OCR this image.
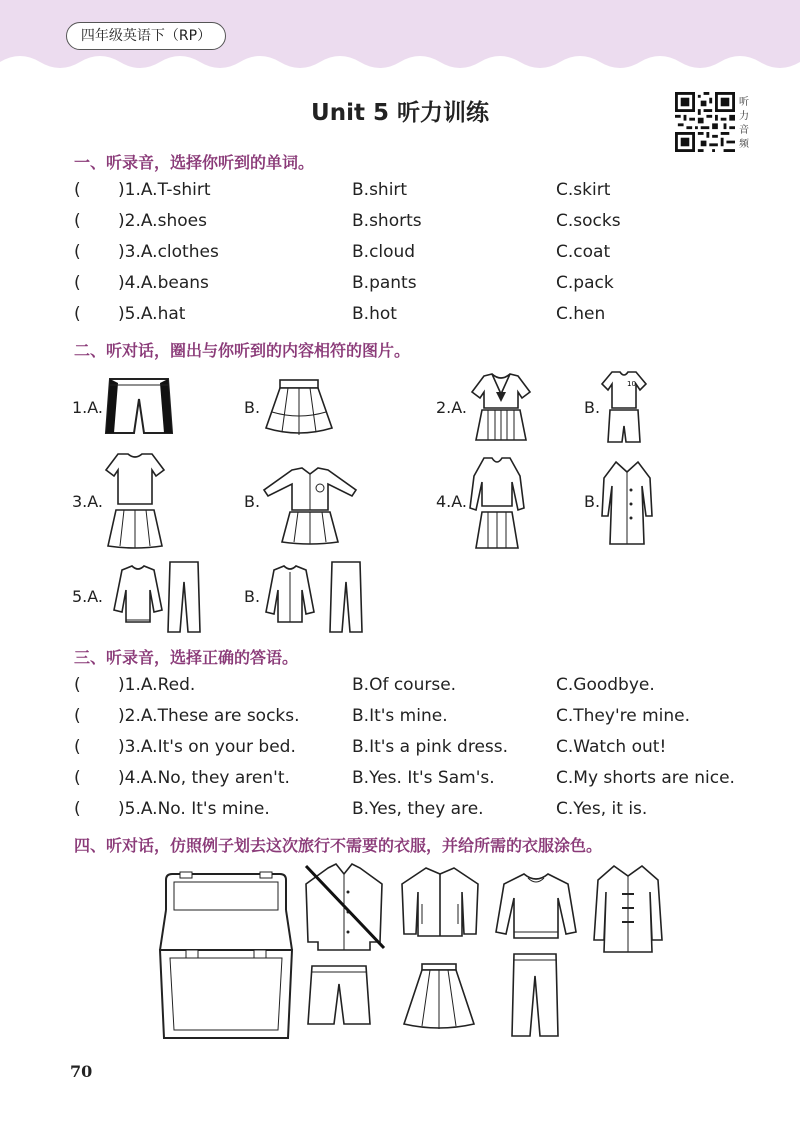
四年级英语下（RP）
Unit 5 听力训练	听力音频
一、听录音，选择你听到的单词。
( )1.A.T-shirt	B.shirt	C.skirt
( )2.A.shoes	B.shorts	C.socks
( )3.A.clothes	B.cloud	C.coat
( )4.A.beans	B.pants	C.pack
( )5.A.hat	B.hot	C.hen
二、听对话，圈出与你听到的内容相符的图片。
1.A.	B.	2.A.	B.
10
3.A.	B.	4.A.	B.
5.A.	B.
三、听录音，选择正确的答语。
( )1.A.Red.	B.Of course.	C.Goodbye.
( )2.A.These are socks.	B.It's mine.	C.They're mine.
( )3.A.It's on your bed.	B.It's a pink dress.	C.Watch out!
( )4.A.No, they aren't.	B.Yes. It's Sam's.	C.My shorts are nice.
( )5.A.No. It's mine.	B.Yes, they are.	C.Yes, it is.
四、听对话，仿照例子划去这次旅行不需要的衣服，并给所需的衣服涂色。
70
